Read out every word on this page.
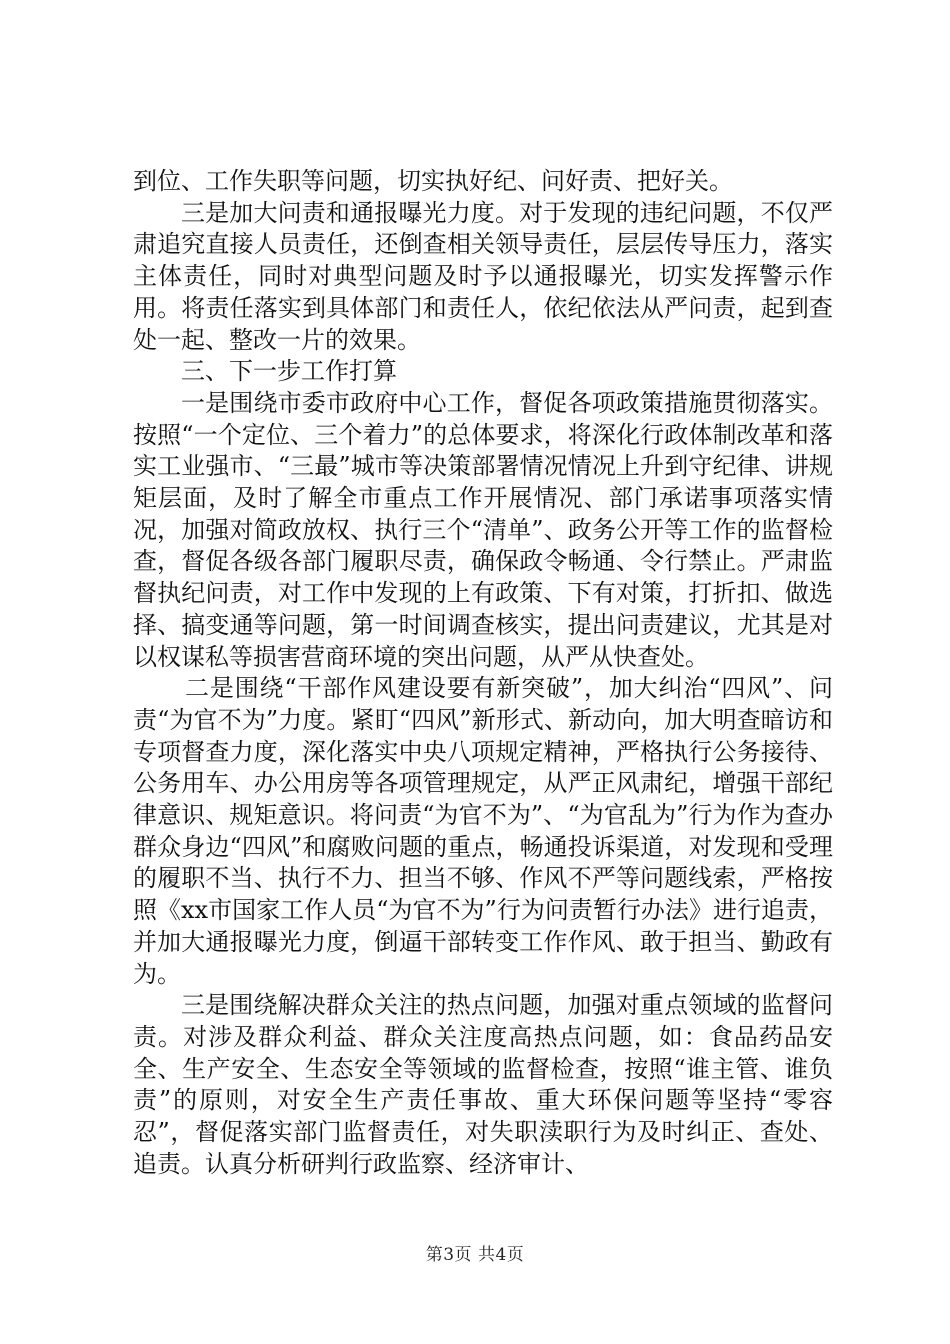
到位、工作失职等问题，切实执好纪、问好责、把好关。

三是加大问责和通报曝光力度。对于发现的违纪问题，不仅严肃追究直接人员责任，还倒查相关领导责任，层层传导压力，落实主体责任，同时对典型问题及时予以通报曝光，切实发挥警示作用。将责任落实到具体部门和责任人，依纪依法从严问责，起到查处一起、整改一片的效果。

三、下一步工作打算

一是围绕市委市政府中心工作，督促各项政策措施贯彻落实。按照“一个定位、三个着力”的总体要求，将深化行政体制改革和落实工业强市、“三最”城市等决策部署情况情况上升到守纪律、讲规矩层面，及时了解全市重点工作开展情况、部门承诺事项落实情况，加强对简政放权、执行三个“清单”、政务公开等工作的监督检查，督促各级各部门履职尽责，确保政令畅通、令行禁止。严肃监督执纪问责，对工作中发现的上有政策、下有对策，打折扣、做选择、搞变通等问题，第一时间调查核实，提出问责建议，尤其是对以权谋私等损害营商环境的突出问题，从严从快查处。

二是围绕“干部作风建设要有新突破”，加大纠治“四风”、问责“为官不为”力度。紧盯“四风”新形式、新动向，加大明查暗访和专项督查力度，深化落实中央八项规定精神，严格执行公务接待、公务用车、办公用房等各项管理规定，从严正风肃纪，增强干部纪律意识、规矩意识。将问责“为官不为”、“为官乱为”行为作为查办群众身边“四风”和腐败问题的重点，畅通投诉渠道，对发现和受理的履职不当、执行不力、担当不够、作风不严等问题线索，严格按照《xx市国家工作人员“为官不为”行为问责暂行办法》进行追责，并加大通报曝光力度，倒逼干部转变工作作风、敢于担当、勤政有为。

三是围绕解决群众关注的热点问题，加强对重点领域的监督问责。对涉及群众利益、群众关注度高热点问题，如：食品药品安全、生产安全、生态安全等领域的监督检查，按照“谁主管、谁负责”的原则，对安全生产责任事故、重大环保问题等坚持“零容忍”，督促落实部门监督责任，对失职渎职行为及时纠正、查处、追责。认真分析研判行政监察、经济审计、

第3页 共4页
